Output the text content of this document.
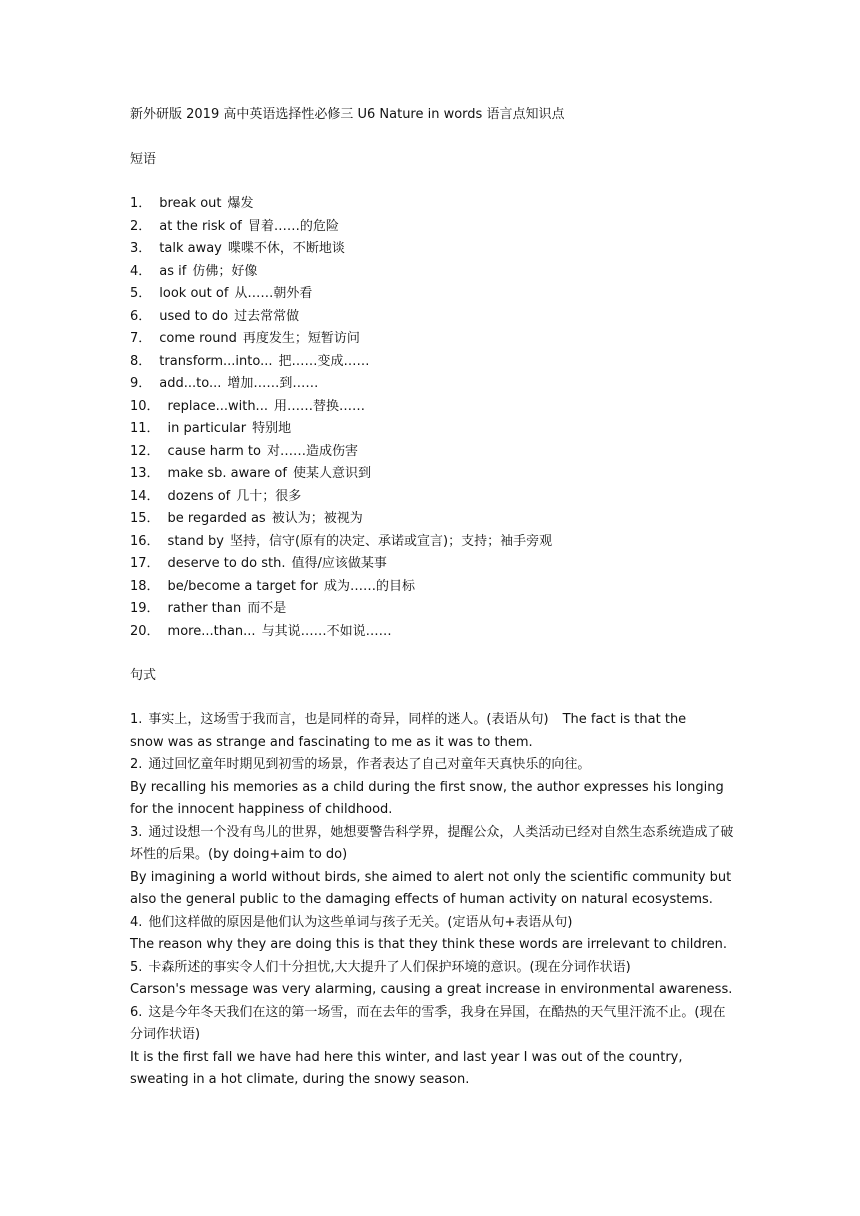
新外研版 2019 高中英语选择性必修三 U6 Nature in words 语言点知识点

短语

1． break out 爆发
2． at the risk of 冒着……的危险
3． talk away 喋喋不休，不断地谈
4． as if 仿佛；好像
5． look out of 从……朝外看
6． used to do 过去常常做
7． come round 再度发生；短暂访问
8． transform...into... 把……变成……
9． add...to... 增加……到……
10． replace...with... 用……替换……
11． in particular 特别地
12． cause harm to 对……造成伤害
13． make sb. aware of 使某人意识到
14． dozens of 几十；很多
15． be regarded as 被认为；被视为
16． stand by 坚持，信守(原有的决定、承诺或宣言)；支持；袖手旁观
17． deserve to do sth. 值得/应该做某事
18． be/become a target for 成为……的目标
19． rather than 而不是
20． more...than... 与其说……不如说……

句式

1. 事实上，这场雪于我而言，也是同样的奇异，同样的迷人。(表语从句) The fact is that the
snow was as strange and fascinating to me as it was to them.
2. 通过回忆童年时期见到初雪的场景，作者表达了自己对童年天真快乐的向往。
By recalling his memories as a child during the first snow, the author expresses his longing for the innocent happiness of childhood.
3. 通过设想一个没有鸟儿的世界，她想要警告科学界，提醒公众，人类活动已经对自然生态系统造成了破坏性的后果。(by doing+aim to do)
By imagining a world without birds, she aimed to alert not only the scientific community but also the general public to the damaging effects of human activity on natural ecosystems.
4. 他们这样做的原因是他们认为这些单词与孩子无关。(定语从句+表语从句)
The reason why they are doing this is that they think these words are irrelevant to children.
5. 卡森所述的事实令人们十分担忧,大大提升了人们保护环境的意识。(现在分词作状语)
Carson's message was very alarming, causing a great increase in environmental awareness.
6. 这是今年冬天我们在这的第一场雪，而在去年的雪季，我身在异国，在酷热的天气里汗流不止。(现在分词作状语)
It is the first fall we have had here this winter, and last year I was out of the country, sweating in a hot climate, during the snowy season.
